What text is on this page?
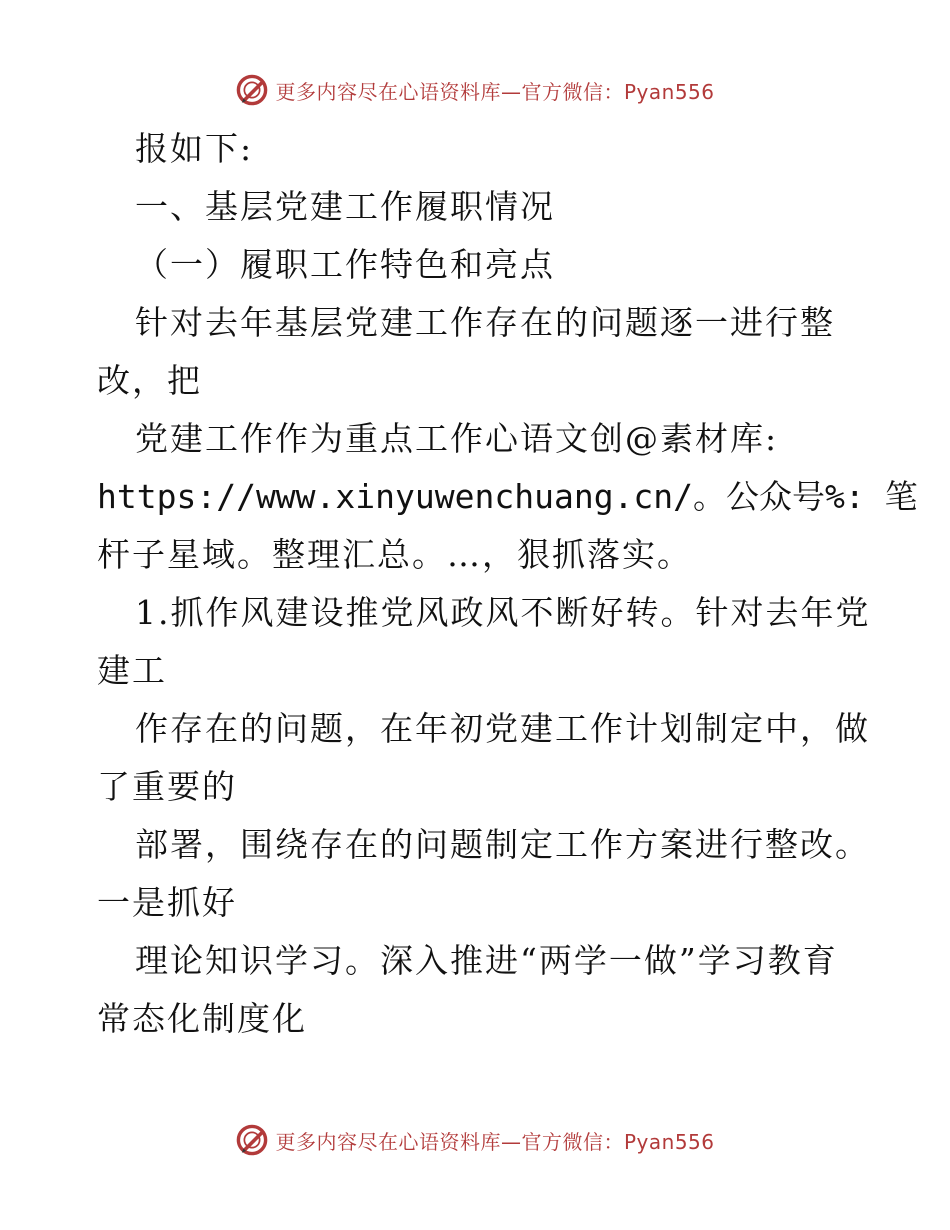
更多内容尽在心语资料库—官方微信：Pyan556
报如下:
一、基层党建工作履职情况
（一）履职工作特色和亮点
针对去年基层党建工作存在的问题逐一进行整
改，把
党建工作作为重点工作心语文创@素材库:
https://www.xinyuwenchuang.cn/。公众号%: 笔
杆子星域。整理汇总。…，狠抓落实。
1.抓作风建设推党风政风不断好转。针对去年党
建工
作存在的问题，在年初党建工作计划制定中，做
了重要的
部署，围绕存在的问题制定工作方案进行整改。
一是抓好
理论知识学习。深入推进“两学一做”学习教育
常态化制度化
更多内容尽在心语资料库—官方微信：Pyan556
